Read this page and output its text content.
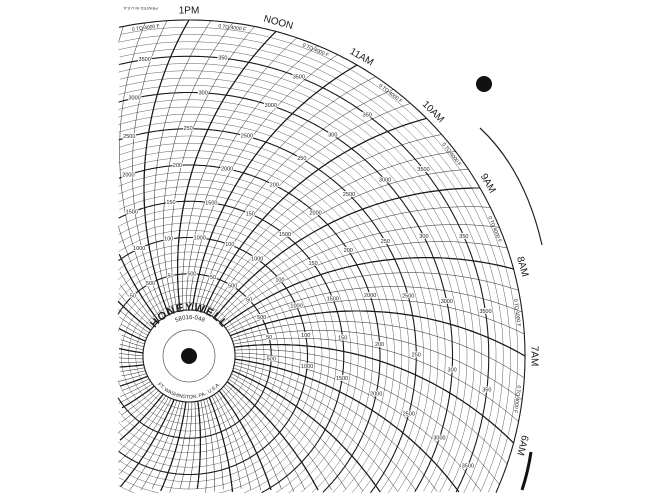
6AM
7AM
8AM
9AM
10AM
11AM
NOON
1PM
0 TO 4000 F
0 TO 4000 F
0 TO 4000 F
0 TO 4000 F
0 TO 4000 F
0 TO 4000 F
0 TO 4000 F
0 TO 4000 F
500
1000
1500
2000
2500
3000
3500
50	100	150
200
250
300
350
500
1000
1500
2000	2500
3000
3500
50
100
150
200
250
300	350
500
1000
1500
2000
2500
3000
3500
50
100
150
200
250
300
350
500
1000
1500
2000
2500
3000
3500
50
100
150
200
250
300
350
500
1000
1500
2000
2500
3000
3500
50
HONEYWELL
58016-048
FT. WASHINGTON, PA., U.S.A.
PRINTED IN U.S.A.
